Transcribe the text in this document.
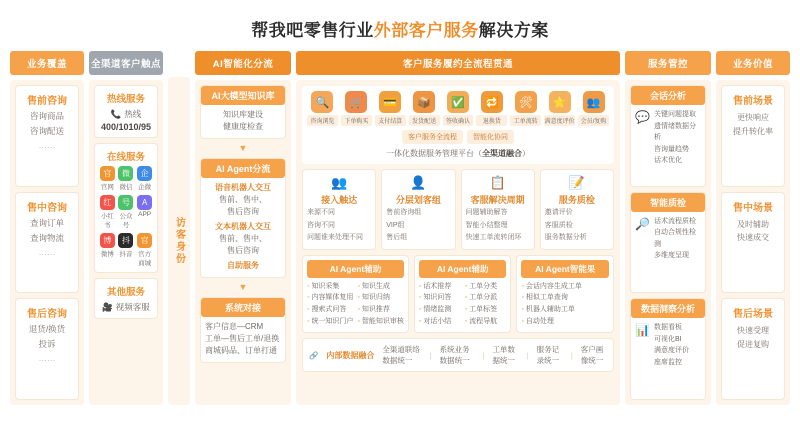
帮我吧零售行业外部客户服务解决方案
业务覆盖
售前咨询
咨询商品
咨询配送
……
售中咨询
查询订单
查询物流
……
售后咨询
退货/换货
投诉
……
全渠道客户触点
热线服务
📞 热线
400/1010/95
在线服务
官
官网
微
微信
企
企微
红
小红书
号
公众号
A
APP
博
微博
抖
抖音
官
官方商城
其他服务
🎥 视频客服
访客身份
AI智能化分流
AI大模型知识库
知识库建设
健康度检查
▼
AI Agent分流
语音机器人交互
售前、售中、
售后咨询
文本机器人交互
售前、售中、
售后咨询
自助服务
▼
系统对接
客户信息—CRM
工单—售后工单/退换
商城码品、订单打通
客户服务履约全流程贯通
🔍
咨询浏览
🛒
下单购买
💳
支付结算
📦
发货配送
✅
签收确认
🔁
退换货
🛠
工单流转
⭐
满意度评价
👥
会员/复购
客户服务全流程	智能化协同
一体化数据服务管理平台（全渠道融合）
👥
接入触达
来源不同
咨询不同
问题谁来处理不同
👤
分层划客组
售前咨询组
VIP组
售后组
📋
客服解决周期
问题辅助解答
智能小结整理
快速工单流转闭环
📝
服务质检
邀请评价
客服质检
服务数据分析
AI Agent辅助
◦ 知识采集
◦ 内容媒体复用
◦ 搜索式问答
◦ 统一知识门户
◦ 知识生成
◦ 知识归纳
◦ 知识推荐
◦ 智能知识审核
AI Agent辅助
◦ 话术推荐
◦ 知识问答
◦ 情绪监测
◦ 对话小结
◦ 工单分类
◦ 工单分派
◦ 工单标签
◦ 流程导航
AI Agent智能果
◦ 会话内容生成工单
◦ 相似工单查询
◦ 机器人辅助工单
◦ 自动处理
🔗 内部数据融合
全渠道联络数据统一
|
系统业务数据统一
|
工单数据统一
|
服务记录统一
|
客户画像统一
服务管控
会话分析
💬 关键问题提取
遗情绪数据分析
咨询量趋势
话术优化
智能质检
🔎 话术流程质检
自动合规性检测
多维度呈现
数据洞察分析
📊 数据看板
可视化BI
满意度评价
座席监控
业务价值
售前场景
更快响应
提升转化率
售中场景
及时辅助
快速成交
售后场景
快速受理
促进复购
